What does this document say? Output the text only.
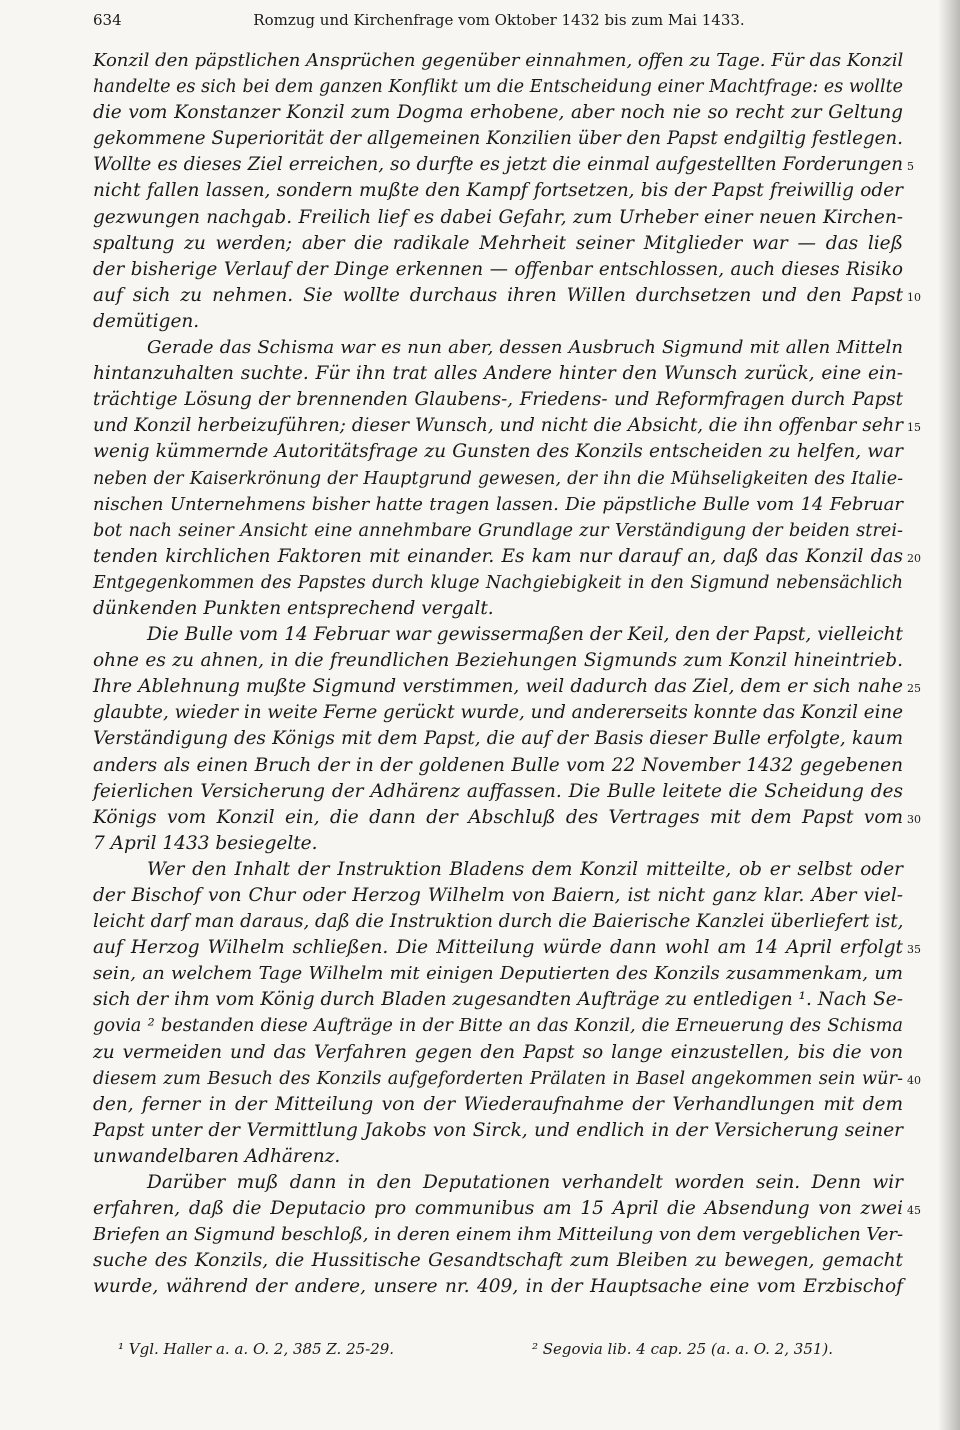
634	Romzug und Kirchenfrage vom Oktober 1432 bis zum Mai 1433.
Konzil den päpstlichen Ansprüchen gegenüber einnahmen, offen zu Tage. Für das Konzil
handelte es sich bei dem ganzen Konflikt um die Entscheidung einer Machtfrage: es wollte
die vom Konstanzer Konzil zum Dogma erhobene, aber noch nie so recht zur Geltung
gekommene Superiorität der allgemeinen Konzilien über den Papst endgiltig festlegen.
Wollte es dieses Ziel erreichen, so durfte es jetzt die einmal aufgestellten Forderungen
nicht fallen lassen, sondern mußte den Kampf fortsetzen, bis der Papst freiwillig oder
gezwungen nachgab. Freilich lief es dabei Gefahr, zum Urheber einer neuen Kirchen-
spaltung zu werden; aber die radikale Mehrheit seiner Mitglieder war — das ließ
der bisherige Verlauf der Dinge erkennen — offenbar entschlossen, auch dieses Risiko
auf sich zu nehmen. Sie wollte durchaus ihren Willen durchsetzen und den Papst
demütigen.
Gerade das Schisma war es nun aber, dessen Ausbruch Sigmund mit allen Mitteln
hintanzuhalten suchte. Für ihn trat alles Andere hinter den Wunsch zurück, eine ein-
trächtige Lösung der brennenden Glaubens-, Friedens- und Reformfragen durch Papst
und Konzil herbeizuführen; dieser Wunsch, und nicht die Absicht, die ihn offenbar sehr
wenig kümmernde Autoritätsfrage zu Gunsten des Konzils entscheiden zu helfen, war
neben der Kaiserkrönung der Hauptgrund gewesen, der ihn die Mühseligkeiten des Italie-
nischen Unternehmens bisher hatte tragen lassen. Die päpstliche Bulle vom 14 Februar
bot nach seiner Ansicht eine annehmbare Grundlage zur Verständigung der beiden strei-
tenden kirchlichen Faktoren mit einander. Es kam nur darauf an, daß das Konzil das
Entgegenkommen des Papstes durch kluge Nachgiebigkeit in den Sigmund nebensächlich
dünkenden Punkten entsprechend vergalt.
Die Bulle vom 14 Februar war gewissermaßen der Keil, den der Papst, vielleicht
ohne es zu ahnen, in die freundlichen Beziehungen Sigmunds zum Konzil hineintrieb.
Ihre Ablehnung mußte Sigmund verstimmen, weil dadurch das Ziel, dem er sich nahe
glaubte, wieder in weite Ferne gerückt wurde, und andererseits konnte das Konzil eine
Verständigung des Königs mit dem Papst, die auf der Basis dieser Bulle erfolgte, kaum
anders als einen Bruch der in der goldenen Bulle vom 22 November 1432 gegebenen
feierlichen Versicherung der Adhärenz auffassen. Die Bulle leitete die Scheidung des
Königs vom Konzil ein, die dann der Abschluß des Vertrages mit dem Papst vom
7 April 1433 besiegelte.
Wer den Inhalt der Instruktion Bladens dem Konzil mitteilte, ob er selbst oder
der Bischof von Chur oder Herzog Wilhelm von Baiern, ist nicht ganz klar. Aber viel-
leicht darf man daraus, daß die Instruktion durch die Baierische Kanzlei überliefert ist,
auf Herzog Wilhelm schließen. Die Mitteilung würde dann wohl am 14 April erfolgt
sein, an welchem Tage Wilhelm mit einigen Deputierten des Konzils zusammenkam, um
sich der ihm vom König durch Bladen zugesandten Aufträge zu entledigen ¹. Nach Se-
govia ² bestanden diese Aufträge in der Bitte an das Konzil, die Erneuerung des Schisma
zu vermeiden und das Verfahren gegen den Papst so lange einzustellen, bis die von
diesem zum Besuch des Konzils aufgeforderten Prälaten in Basel angekommen sein wür-
den, ferner in der Mitteilung von der Wiederaufnahme der Verhandlungen mit dem
Papst unter der Vermittlung Jakobs von Sirck, und endlich in der Versicherung seiner
unwandelbaren Adhärenz.
Darüber muß dann in den Deputationen verhandelt worden sein. Denn wir
erfahren, daß die Deputacio pro communibus am 15 April die Absendung von zwei
Briefen an Sigmund beschloß, in deren einem ihm Mitteilung von dem vergeblichen Ver-
suche des Konzils, die Hussitische Gesandtschaft zum Bleiben zu bewegen, gemacht
wurde, während der andere, unsere nr. 409, in der Hauptsache eine vom Erzbischof
5
10
15
20
25
30
35
40
45
¹ Vgl. Haller a. a. O. 2, 385 Z. 25-29.	² Segovia lib. 4 cap. 25 (a. a. O. 2, 351).
